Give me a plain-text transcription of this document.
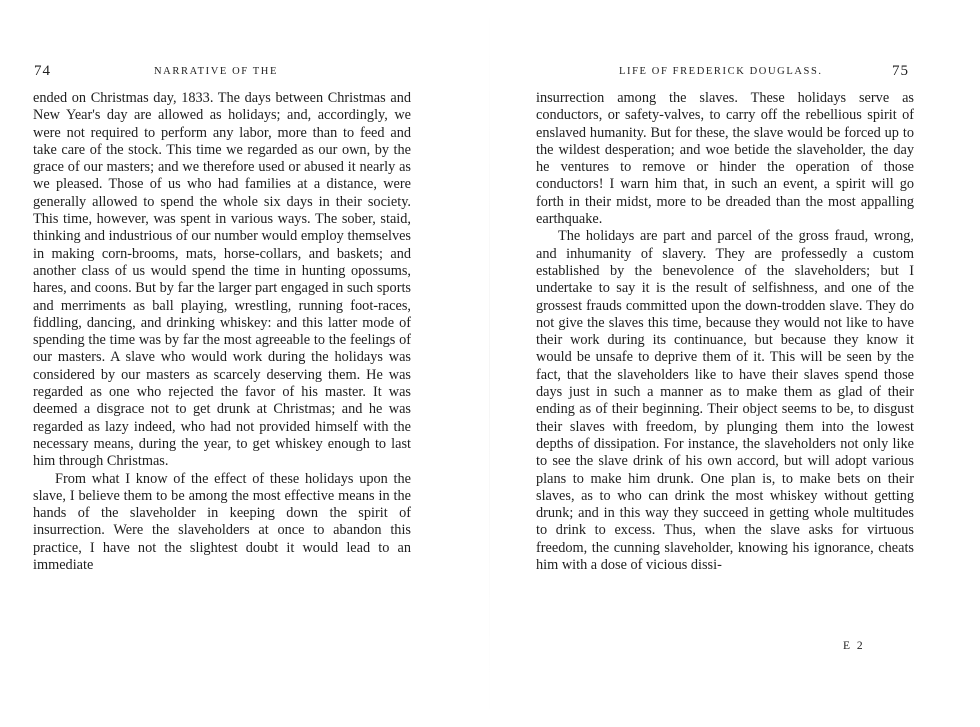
74	NARRATIVE OF THE

ended on Christmas day, 1833. The days between Christmas and New Year's day are allowed as holidays; and, accordingly, we were not required to perform any labor, more than to feed and take care of the stock. This time we regarded as our own, by the grace of our masters; and we therefore used or abused it nearly as we pleased. Those of us who had families at a distance, were generally allowed to spend the whole six days in their society. This time, however, was spent in various ways. The sober, staid, thinking and industrious of our number would employ themselves in making corn-brooms, mats, horse-collars, and baskets; and another class of us would spend the time in hunting opossums, hares, and coons. But by far the larger part engaged in such sports and merriments as ball playing, wrestling, running foot-races, fiddling, dancing, and drinking whiskey: and this latter mode of spending the time was by far the most agreeable to the feelings of our masters. A slave who would work during the holidays was considered by our masters as scarcely deserving them. He was regarded as one who rejected the favor of his master. It was deemed a disgrace not to get drunk at Christmas; and he was regarded as lazy indeed, who had not provided himself with the necessary means, during the year, to get whiskey enough to last him through Christmas.

From what I know of the effect of these holidays upon the slave, I believe them to be among the most effective means in the hands of the slaveholder in keeping down the spirit of insurrection. Were the slaveholders at once to abandon this practice, I have not the slightest doubt it would lead to an immediate

LIFE OF FREDERICK DOUGLASS.	75

insurrection among the slaves. These holidays serve as conductors, or safety-valves, to carry off the rebellious spirit of enslaved humanity. But for these, the slave would be forced up to the wildest desperation; and woe betide the slaveholder, the day he ventures to remove or hinder the operation of those conductors! I warn him that, in such an event, a spirit will go forth in their midst, more to be dreaded than the most appalling earthquake.

The holidays are part and parcel of the gross fraud, wrong, and inhumanity of slavery. They are professedly a custom established by the benevolence of the slaveholders; but I undertake to say it is the result of selfishness, and one of the grossest frauds committed upon the down-trodden slave. They do not give the slaves this time, because they would not like to have their work during its continuance, but because they know it would be unsafe to deprive them of it. This will be seen by the fact, that the slaveholders like to have their slaves spend those days just in such a manner as to make them as glad of their ending as of their beginning. Their object seems to be, to disgust their slaves with freedom, by plunging them into the lowest depths of dissipation. For instance, the slaveholders not only like to see the slave drink of his own accord, but will adopt various plans to make him drunk. One plan is, to make bets on their slaves, as to who can drink the most whiskey without getting drunk; and in this way they succeed in getting whole multitudes to drink to excess. Thus, when the slave asks for virtuous freedom, the cunning slaveholder, knowing his ignorance, cheats him with a dose of vicious dissi-

E 2
